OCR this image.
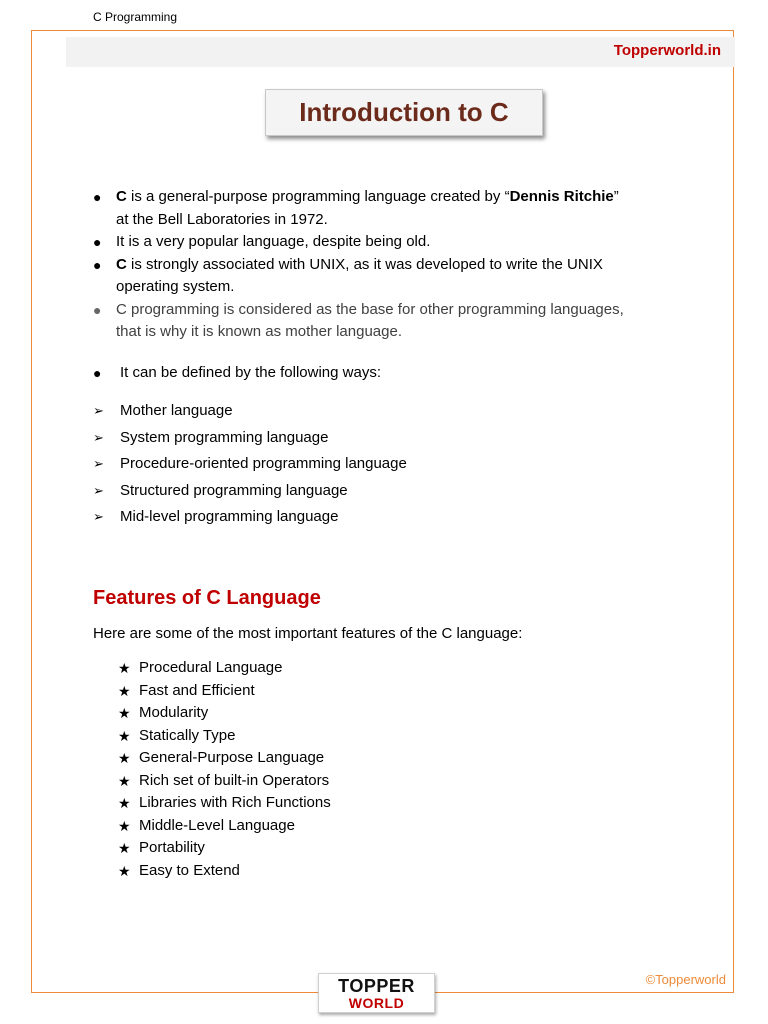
C Programming
Topperworld.in
Introduction to C
● C is a general-purpose programming language created by “Dennis Ritchie”
at the Bell Laboratories in 1972.
● It is a very popular language, despite being old.
● C is strongly associated with UNIX, as it was developed to write the UNIX
operating system.
● C programming is considered as the base for other programming languages,
that is why it is known as mother language.
● It can be defined by the following ways:
➢ Mother language
➢ System programming language
➢ Procedure-oriented programming language
➢ Structured programming language
➢ Mid-level programming language
Features of C Language
Here are some of the most important features of the C language:
★ Procedural Language
★ Fast and Efficient
★ Modularity
★ Statically Type
★ General-Purpose Language
★ Rich set of built-in Operators
★ Libraries with Rich Functions
★ Middle-Level Language
★ Portability
★ Easy to Extend
©Topperworld
TOPPER
WORLD
